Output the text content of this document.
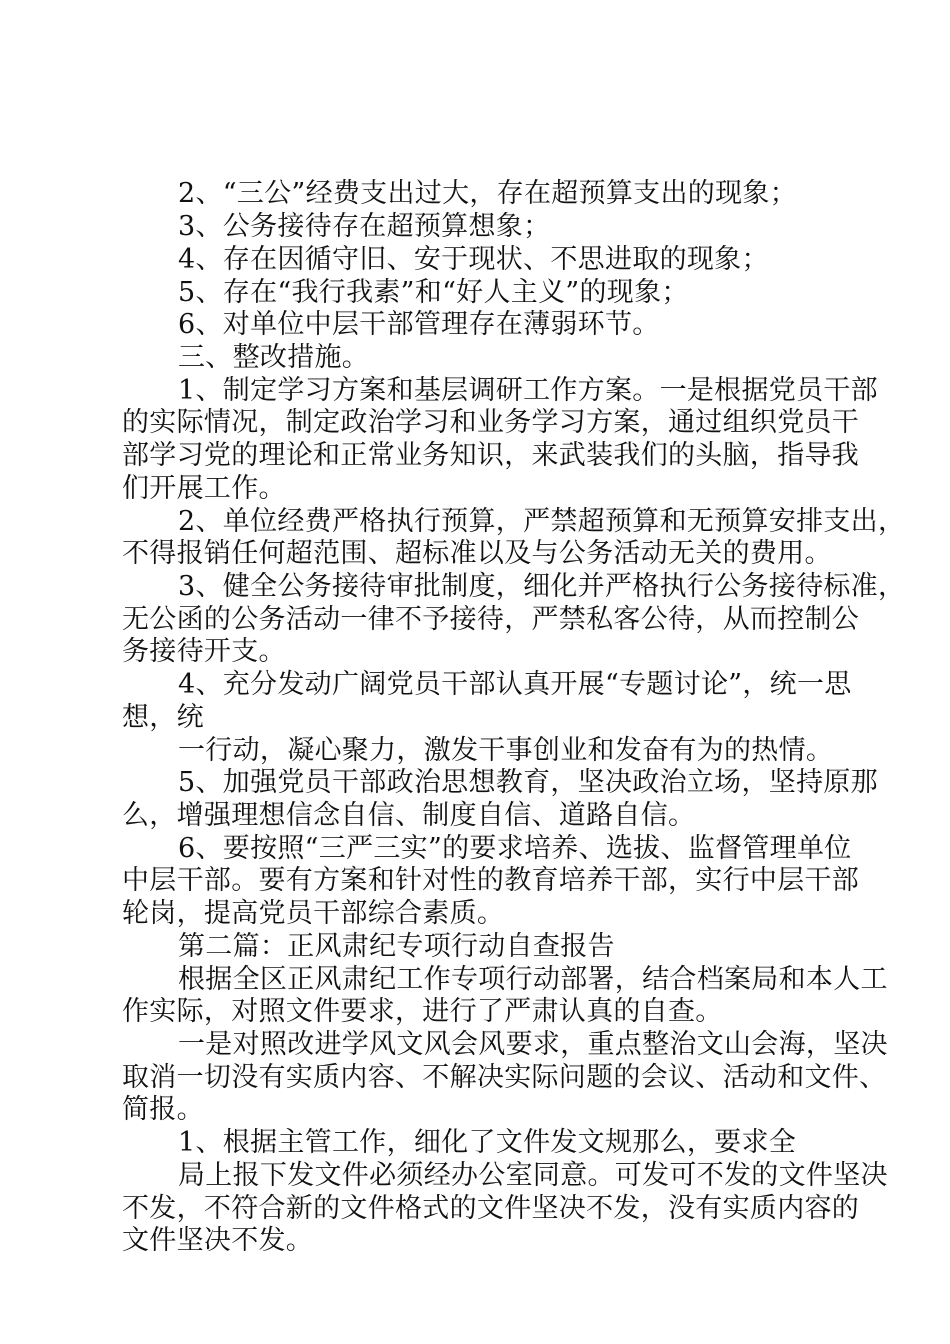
2、“三公”经费支出过大，存在超预算支出的现象；
3、公务接待存在超预算想象；
4、存在因循守旧、安于现状、不思进取的现象；
5、存在“我行我素”和“好人主义”的现象；
6、对单位中层干部管理存在薄弱环节。
三、整改措施。
1、制定学习方案和基层调研工作方案。一是根据党员干部
的实际情况，制定政治学习和业务学习方案，通过组织党员干
部学习党的理论和正常业务知识，来武装我们的头脑，指导我
们开展工作。
2、单位经费严格执行预算，严禁超预算和无预算安排支出，
不得报销任何超范围、超标准以及与公务活动无关的费用。
3、健全公务接待审批制度，细化并严格执行公务接待标准，
无公函的公务活动一律不予接待，严禁私客公待，从而控制公
务接待开支。
4、充分发动广阔党员干部认真开展“专题讨论”，统一思
想，统
一行动，凝心聚力，激发干事创业和发奋有为的热情。
5、加强党员干部政治思想教育，坚决政治立场，坚持原那
么，增强理想信念自信、制度自信、道路自信。
6、要按照“三严三实”的要求培养、选拔、监督管理单位
中层干部。要有方案和针对性的教育培养干部，实行中层干部
轮岗，提高党员干部综合素质。
第二篇：正风肃纪专项行动自查报告
根据全区正风肃纪工作专项行动部署，结合档案局和本人工
作实际，对照文件要求，进行了严肃认真的自查。
一是对照改进学风文风会风要求，重点整治文山会海，坚决
取消一切没有实质内容、不解决实际问题的会议、活动和文件、
简报。
1、根据主管工作，细化了文件发文规那么，要求全
局上报下发文件必须经办公室同意。可发可不发的文件坚决
不发，不符合新的文件格式的文件坚决不发，没有实质内容的
文件坚决不发。
